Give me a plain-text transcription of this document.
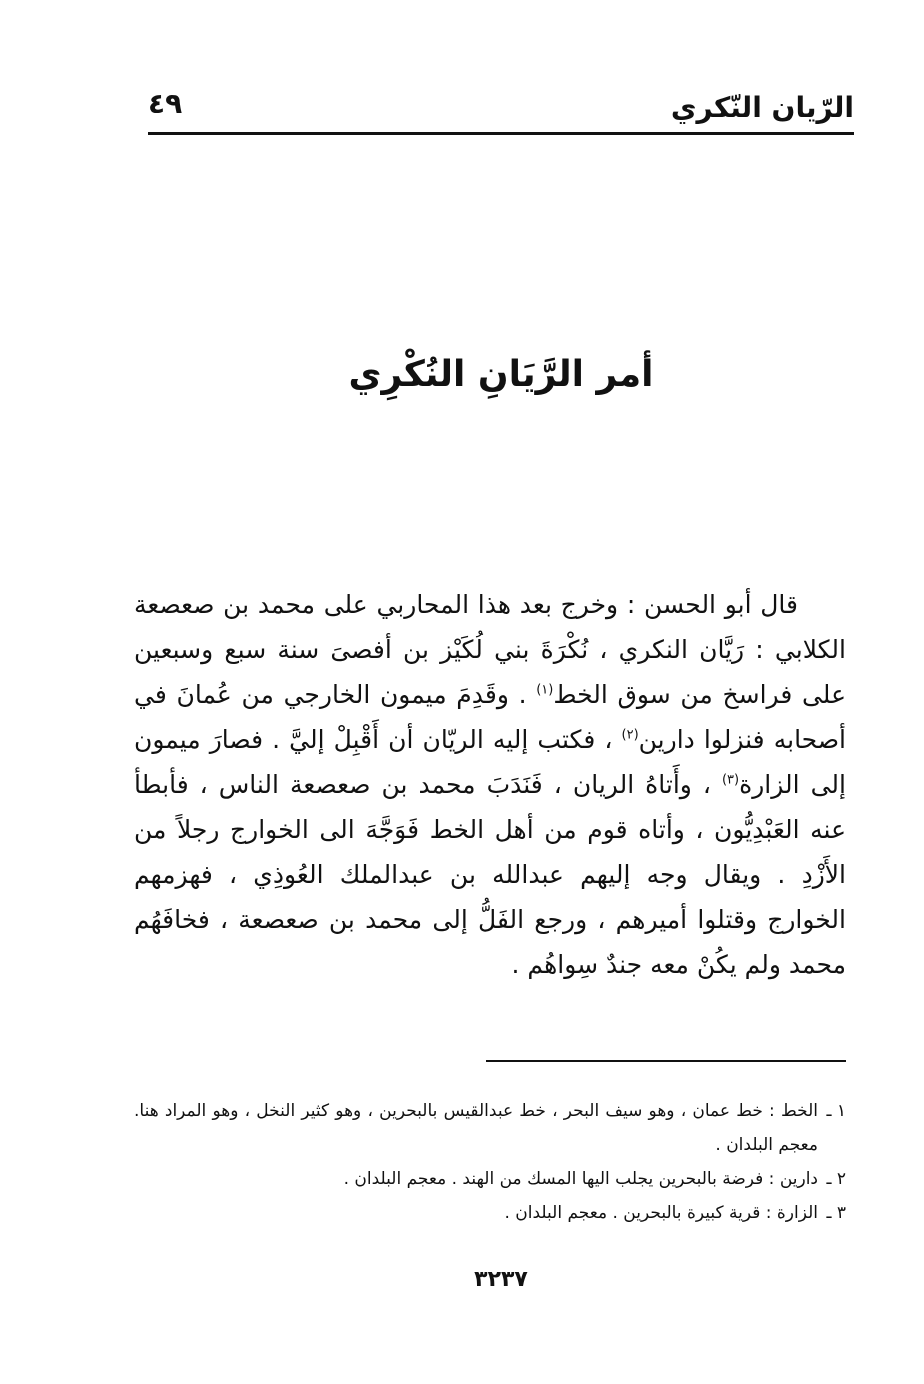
الرّيان النّكري
٤٩
أمر الرَّيَانِ النُكْرِي

قال أبو الحسن : وخرج بعد هذا المحاربي على محمد بن صعصعة الكلابي : رَيَّان النكري ، نُكْرَةَ بني لُكَيْز بن أفصىَ سنة سبع وسبعين على فراسخ من سوق الخط$^{(١)}$ . وقَدِمَ ميمون الخارجي من عُمانَ في أصحابه فنزلوا دارين$^{(٢)}$ ، فكتب إليه الريّان أن أَقْبِلْ إليَّ . فصارَ ميمون إلى الزارة$^{(٣)}$ ، وأَتاهُ الريان ، فَنَدَبَ محمد بن صعصعة الناس ، فأبطأ عنه العَبْدِيُّون ، وأتاه قوم من أهل الخط فَوَجَّهَ الى الخوارج رجلاً من الأَزْدِ . ويقال وجه إليهم عبدالله بن عبدالملك العُوذِي ، فهزمهم الخوارج وقتلوا أميرهم ، ورجع الفَلُّ إلى محمد بن صعصعة ، فخافَهُم محمد ولم يكُنْ معه جندٌ سِواهُم .

١ ـ
الخط : خط عمان ، وهو سيف البحر ، خط عبدالقيس بالبحرين ، وهو كثير النخل ، وهو المراد هنا. معجم البلدان .
٢ ـ
دارين : فرضة بالبحرين يجلب اليها المسك من الهند . معجم البلدان .
٣ ـ
الزارة : قرية كبيرة بالبحرين . معجم البلدان .
٣٢٣٧
